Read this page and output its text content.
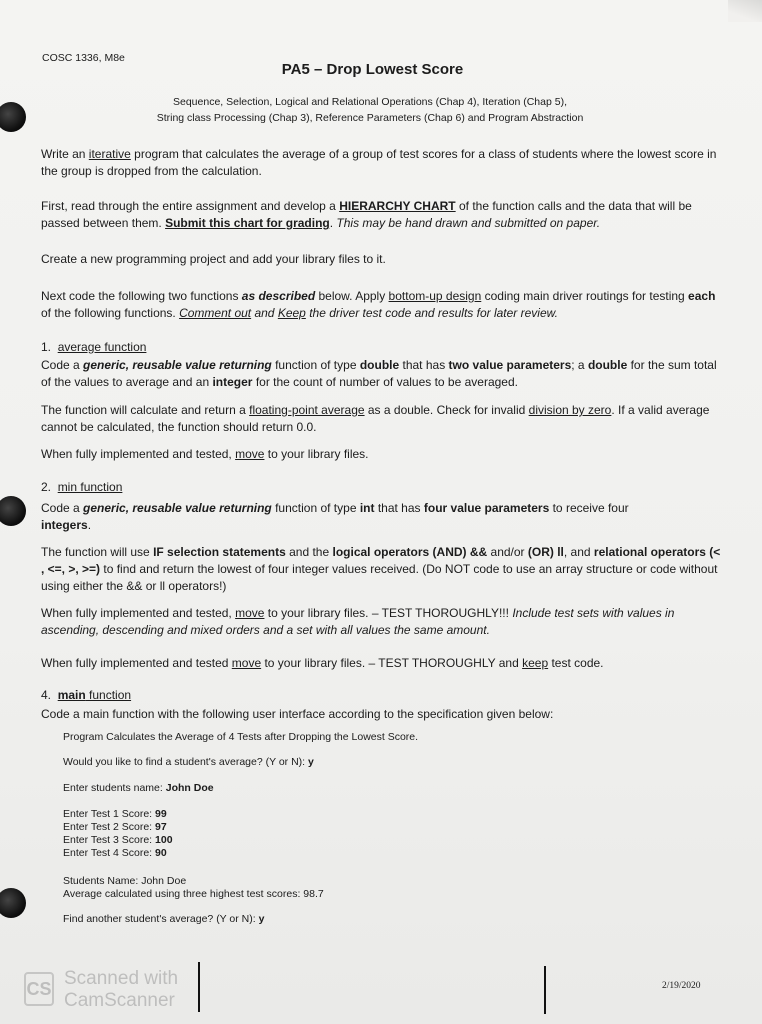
COSC 1336, M8e
PA5 – Drop Lowest Score
Sequence, Selection, Logical and Relational Operations (Chap 4), Iteration (Chap 5),
String class Processing (Chap 3), Reference Parameters (Chap 6) and Program Abstraction

Write an iterative program that calculates the average of a group of test scores for a class of students where the lowest score in the group is dropped from the calculation.

First, read through the entire assignment and develop a HIERARCHY CHART of the function calls and the data that will be passed between them. Submit this chart for grading. This may be hand drawn and submitted on paper.

Create a new programming project and add your library files to it.

Next code the following two functions as described below. Apply bottom-up design coding main driver routings for testing each of the following functions. Comment out and Keep the driver test code and results for later review.

1. average function

Code a generic, reusable value returning function of type double that has two value parameters; a double for the sum total of the values to average and an integer for the count of number of values to be averaged.

The function will calculate and return a floating-point average as a double. Check for invalid division by zero. If a valid average cannot be calculated, the function should return 0.0.

When fully implemented and tested, move to your library files.

2. min function

Code a generic, reusable value returning function of type int that has four value parameters to receive four integers.

The function will use IF selection statements and the logical operators (AND) && and/or (OR) ll, and relational operators (< , <=, >, >=) to find and return the lowest of four integer values received. (Do NOT code to use an array structure or code without using either the && or ll operators!)

When fully implemented and tested, move to your library files. – TEST THOROUGHLY!!! Include test sets with values in ascending, descending and mixed orders and a set with all values the same amount.

When fully implemented and tested move to your library files. – TEST THOROUGHLY and keep test code.

4. main function

Code a main function with the following user interface according to the specification given below:

Program Calculates the Average of 4 Tests after Dropping the Lowest Score.
Would you like to find a student's average? (Y or N): y
Enter students name: John Doe
Enter Test 1 Score: 99
Enter Test 2 Score: 97
Enter Test 3 Score: 100
Enter Test 4 Score: 90
Students Name: John Doe
Average calculated using three highest test scores: 98.7
Find another student's average? (Y or N): y
2/19/2020
CS Scanned with
CamScanner
